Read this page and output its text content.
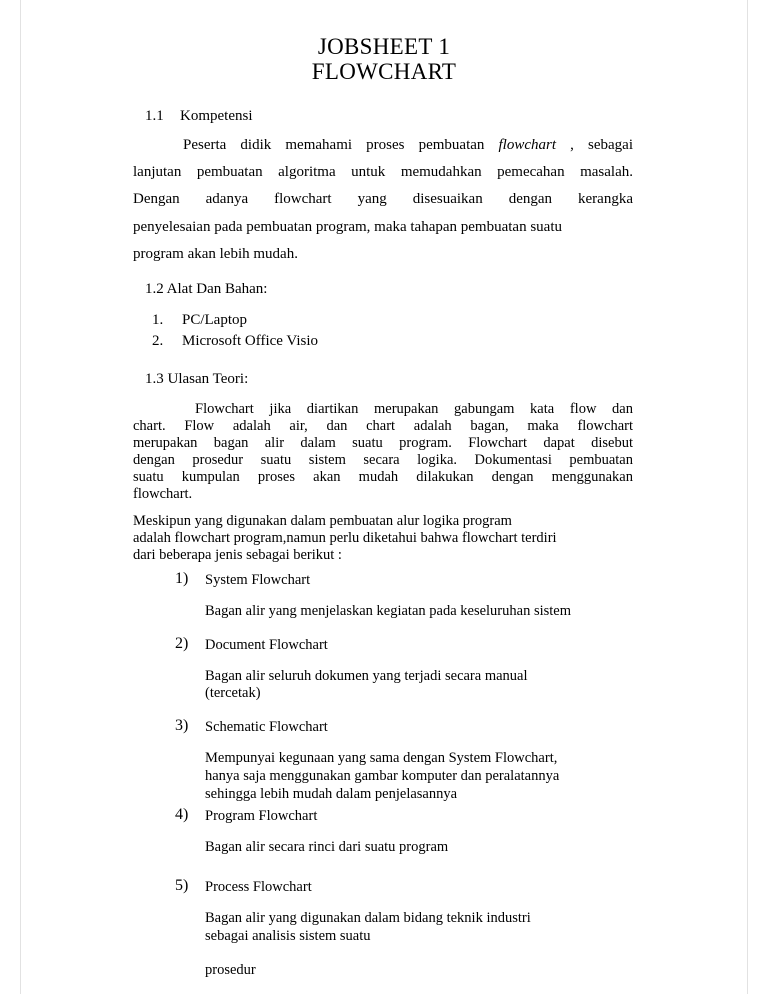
JOBSHEET 1
FLOWCHART
1.1 Kompetensi
Peserta didik memahami proses pembuatan flowchart , sebagai
lanjutan pembuatan algoritma untuk memudahkan pemecahan masalah.
Dengan adanya flowchart yang disesuaikan dengan kerangka
penyelesaian pada pembuatan program, maka tahapan pembuatan suatu
program akan lebih mudah.
1.2 Alat Dan Bahan:
1. PC/Laptop
2. Microsoft Office Visio
1.3 Ulasan Teori:
Flowchart jika diartikan merupakan gabungam kata flow dan
chart. Flow adalah air, dan chart adalah bagan, maka flowchart
merupakan bagan alir dalam suatu program. Flowchart dapat disebut
dengan prosedur suatu sistem secara logika. Dokumentasi pembuatan
suatu kumpulan proses akan mudah dilakukan dengan menggunakan
flowchart.
Meskipun yang digunakan dalam pembuatan alur logika program
adalah flowchart program,namun perlu diketahui bahwa flowchart terdiri
dari beberapa jenis sebagai berikut :
1) System Flowchart
Bagan alir yang menjelaskan kegiatan pada keseluruhan sistem
2) Document Flowchart
Bagan alir seluruh dokumen yang terjadi secara manual
(tercetak)
3) Schematic Flowchart
Mempunyai kegunaan yang sama dengan System Flowchart,
hanya saja menggunakan gambar komputer dan peralatannya
sehingga lebih mudah dalam penjelasannya
4) Program Flowchart
Bagan alir secara rinci dari suatu program
5) Process Flowchart
Bagan alir yang digunakan dalam bidang teknik industri
sebagai analisis sistem suatu
prosedur
